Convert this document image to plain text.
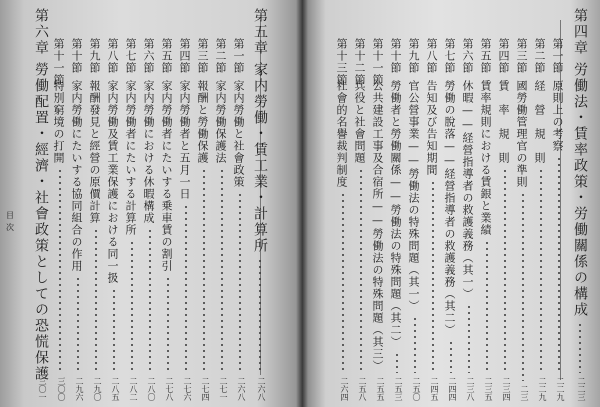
第四章
労働法・賃率政策・労働關係の構成
二二三
第一節
原則上の考察
二二九
第二節
経　營　規　則
二二九
第三節
國勞働管理官の準則
二三
第四節
賃　率　規　則
二三四
第五節
賃率規則における賃銀と業績
二三五
第六節
休暇——経營指導者の救護義務（其一）
二三八
第七節
勞働の脫落——経營指導者の救護義務（其二）
二四四
第八節
告知及び告知期間
二四五
第九節
官公營事業——勞働法の特殊問題（其一）
二五〇
第十節
勞働者と勞働關係——勞働法の特殊問題（其二）
二五三
第十一節
公共建設工事及合宿所——勞働法の特殊問題（其三）
二五五
第十二節
兵役と社會問題
二五八
第十三節
社會的名譽裁判制度
二六四
第五章
家内勞働・賃工業・計算所
二六八
第一節
家内勞働と社會政策
二六八
第二節
家内勞働保護法
二七一
第三節
報酬と勞働保護
二七四
第四節
家内勞働者と五月一日
二七六
第五節
家内勞働者にたいする乗車賃の割引
二七八
第六節
家内勞働における休暇構成
二八〇
第七節
家内勞働者にたいする計算所
二八二
第八節
家内勞働及賃工業保護における同一扱
二八五
第九節
報酬發見と經營の原價計算
二九〇
第十節
家内勞働にたいする協同組合の作用
二九六
第十一節
特別窮境の打開
三〇〇
第六章
勞働配置・經濟・社會政策としての恐慌保護
三〇一
目
次
